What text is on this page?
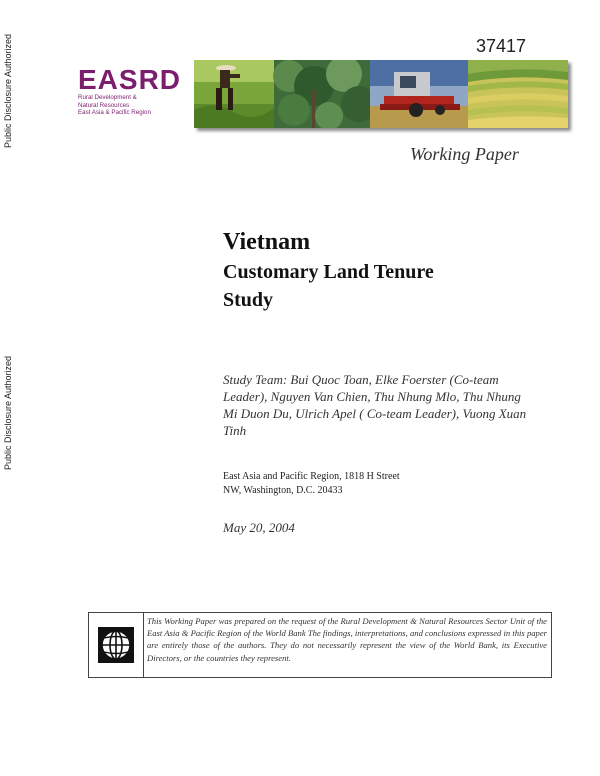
Public Disclosure Authorized
Public Disclosure Authorized
37417
EASRD
Rural Development &
Natural Resources
East Asia & Pacific Region
Working Paper
Vietnam
Customary Land Tenure
Study
Study Team: Bui Quoc Toan, Elke Foerster (Co-team Leader), Nguyen Van Chien, Thu Nhung Mlo, Thu Nhung Mi Duon Du, Ulrich Apel ( Co-team Leader), Vuong Xuan Tinh
East Asia and Pacific Region, 1818 H Street
NW, Washington, D.C. 20433
May 20, 2004
This Working Paper was prepared on the request of the Rural Development & Natural Resources Sector Unit of the East Asia & Pacific Region of the World Bank The findings, interpretations, and conclusions expressed in this paper are entirely those of the authors. They do not necessarily represent the view of the World Bank, its Executive Directors, or the countries they represent.
